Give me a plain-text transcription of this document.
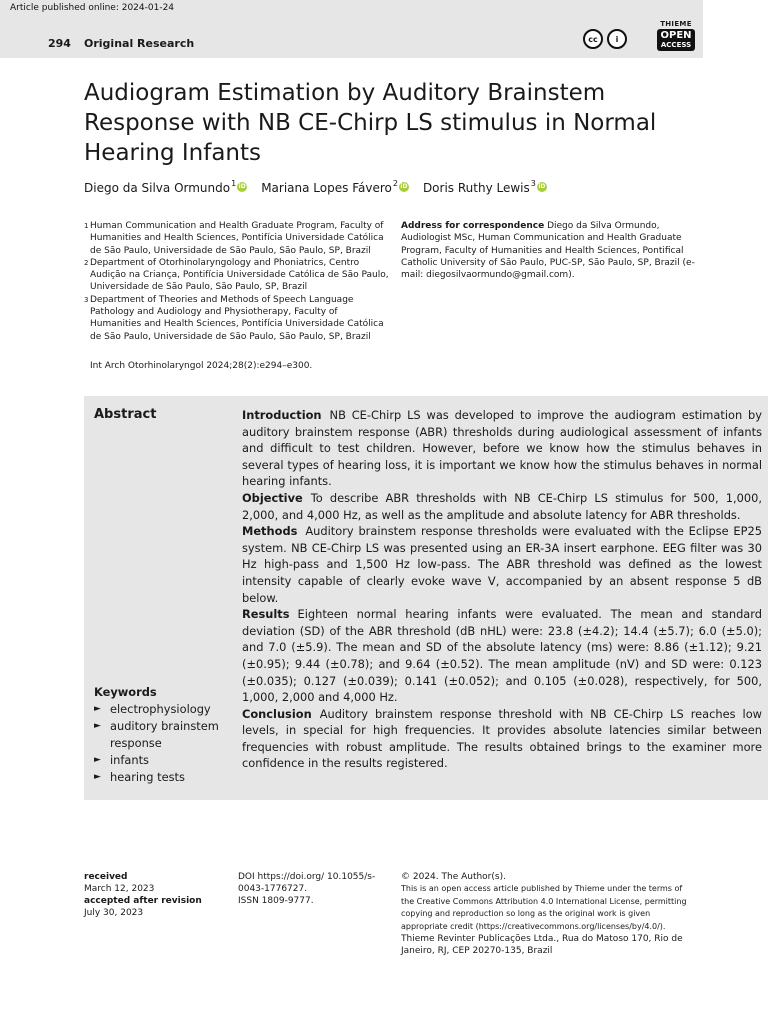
Article published online: 2024-01-24
294 Original Research	cc	i
THIEME
OPEN
ACCESS
Audiogram Estimation by Auditory Brainstem Response with NB CE-Chirp LS stimulus in Normal Hearing Infants
Diego da Silva Ormundo 1 iD Mariana Lopes Fávero 2 iD Doris Ruthy Lewis 3 iD
1 Human Communication and Health Graduate Program, Faculty of Humanities and Health Sciences, Pontifícia Universidade Católica de São Paulo, Universidade de São Paulo, São Paulo, SP, Brazil
2 Department of Otorhinolaryngology and Phoniatrics, Centro Audição na Criança, Pontifícia Universidade Católica de São Paulo, Universidade de São Paulo, São Paulo, SP, Brazil
3 Department of Theories and Methods of Speech Language Pathology and Audiology and Physiotherapy, Faculty of Humanities and Health Sciences, Pontifícia Universidade Católica de São Paulo, Universidade de São Paulo, São Paulo, SP, Brazil
Address for correspondence Diego da Silva Ormundo, Audiologist MSc, Human Communication and Health Graduate Program, Faculty of Humanities and Health Sciences, Pontifical Catholic University of São Paulo, PUC-SP, São Paulo, SP, Brazil (e-mail: diegosilvaormundo@gmail.com).
Int Arch Otorhinolaryngol 2024;28(2):e294–e300.
Abstract	Introduction NB CE-Chirp LS was developed to improve the audiogram estimation by auditory brainstem response (ABR) thresholds during audiological assessment of infants and difficult to test children. However, before we know how the stimulus behaves in several types of hearing loss, it is important we know how the stimulus behaves in normal hearing infants.

Objective To describe ABR thresholds with NB CE-Chirp LS stimulus for 500, 1,000, 2,000, and 4,000 Hz, as well as the amplitude and absolute latency for ABR thresholds.

Methods Auditory brainstem response thresholds were evaluated with the Eclipse EP25 system. NB CE-Chirp LS was presented using an ER-3A insert earphone. EEG filter was 30 Hz high-pass and 1,500 Hz low-pass. The ABR threshold was defined as the lowest intensity capable of clearly evoke wave V, accompanied by an absent response 5 dB below.

Results Eighteen normal hearing infants were evaluated. The mean and standard deviation (SD) of the ABR threshold (dB nHL) were: 23.8 (±4.2); 14.4 (±5.7); 6.0 (±5.0); and 7.0 (±5.9). The mean and SD of the absolute latency (ms) were: 8.86 (±1.12); 9.21 (±0.95); 9.44 (±0.78); and 9.64 (±0.52). The mean amplitude (nV) and SD were: 0.123 (±0.035); 0.127 (±0.039); 0.141 (±0.052); and 0.105 (±0.028), respectively, for 500, 1,000, 2,000 and 4,000 Hz.

Conclusion Auditory brainstem response threshold with NB CE-Chirp LS reaches low levels, in special for high frequencies. It provides absolute latencies similar between frequencies with robust amplitude. The results obtained brings to the examiner more confidence in the results registered.

Keywords
► electrophysiology
► auditory brainstem response
► infants
► hearing tests
received
March 12, 2023
accepted after revision
July 30, 2023
DOI https://doi.org/ 10.1055/s-0043-1776727.
ISSN 1809-9777.
© 2024. The Author(s).
This is an open access article published by Thieme under the terms of the Creative Commons Attribution 4.0 International License, permitting copying and reproduction so long as the original work is given appropriate credit (https://creativecommons.org/licenses/by/4.0/).
Thieme Revinter Publicações Ltda., Rua do Matoso 170, Rio de Janeiro, RJ, CEP 20270-135, Brazil
